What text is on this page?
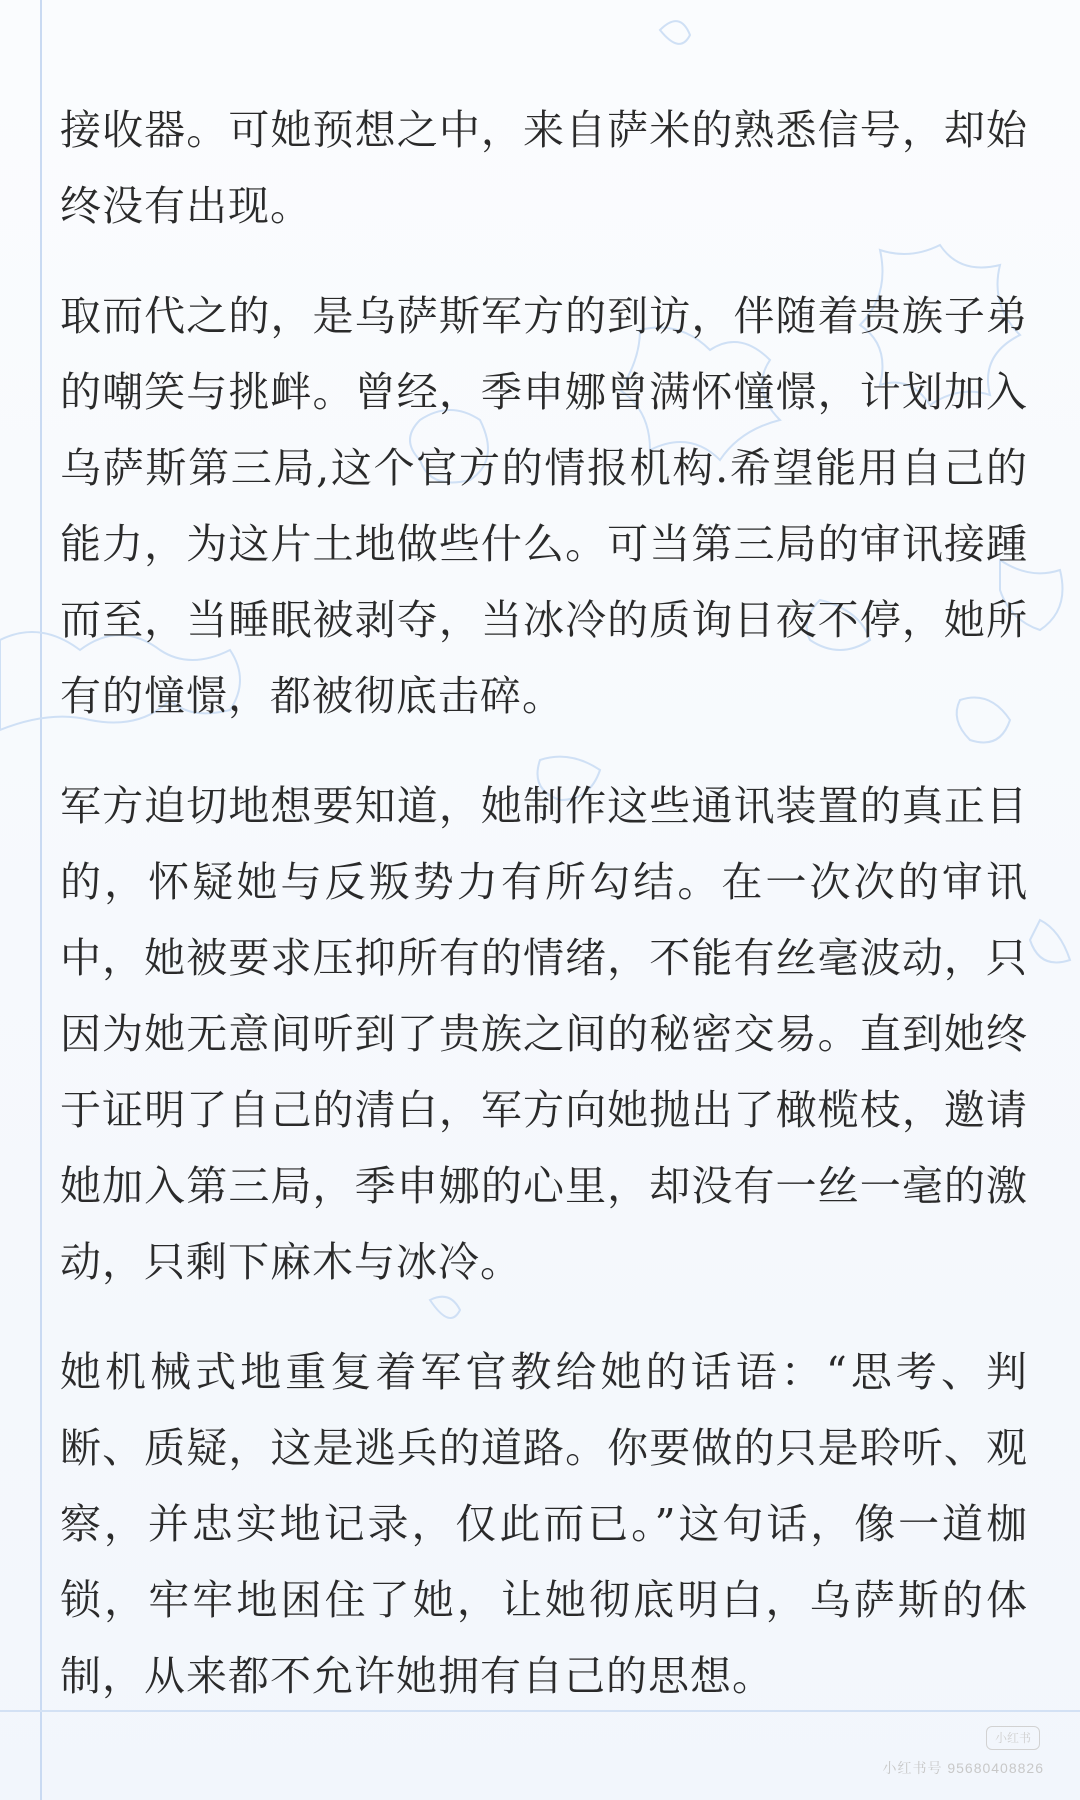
接收器。可她预想之中，来自萨米的熟悉信号，却始终没有出现。

取而代之的，是乌萨斯军方的到访，伴随着贵族子弟的嘲笑与挑衅。曾经，季申娜曾满怀憧憬，计划加入乌萨斯第三局,这个官方的情报机构.希望能用自己的能力，为这片土地做些什么。可当第三局的审讯接踵而至，当睡眠被剥夺，当冰冷的质询日夜不停，她所有的憧憬，都被彻底击碎。

军方迫切地想要知道，她制作这些通讯装置的真正目的，怀疑她与反叛势力有所勾结。在一次次的审讯中，她被要求压抑所有的情绪，不能有丝毫波动，只因为她无意间听到了贵族之间的秘密交易。直到她终于证明了自己的清白，军方向她抛出了橄榄枝，邀请她加入第三局，季申娜的心里，却没有一丝一毫的激动，只剩下麻木与冰冷。

她机械式地重复着军官教给她的话语：“思考、判断、质疑，这是逃兵的道路。你要做的只是聆听、观察，并忠实地记录，仅此而已。”这句话，像一道枷锁，牢牢地困住了她，让她彻底明白，乌萨斯的体制，从来都不允许她拥有自己的思想。

小红书
小红书号 95680408826
